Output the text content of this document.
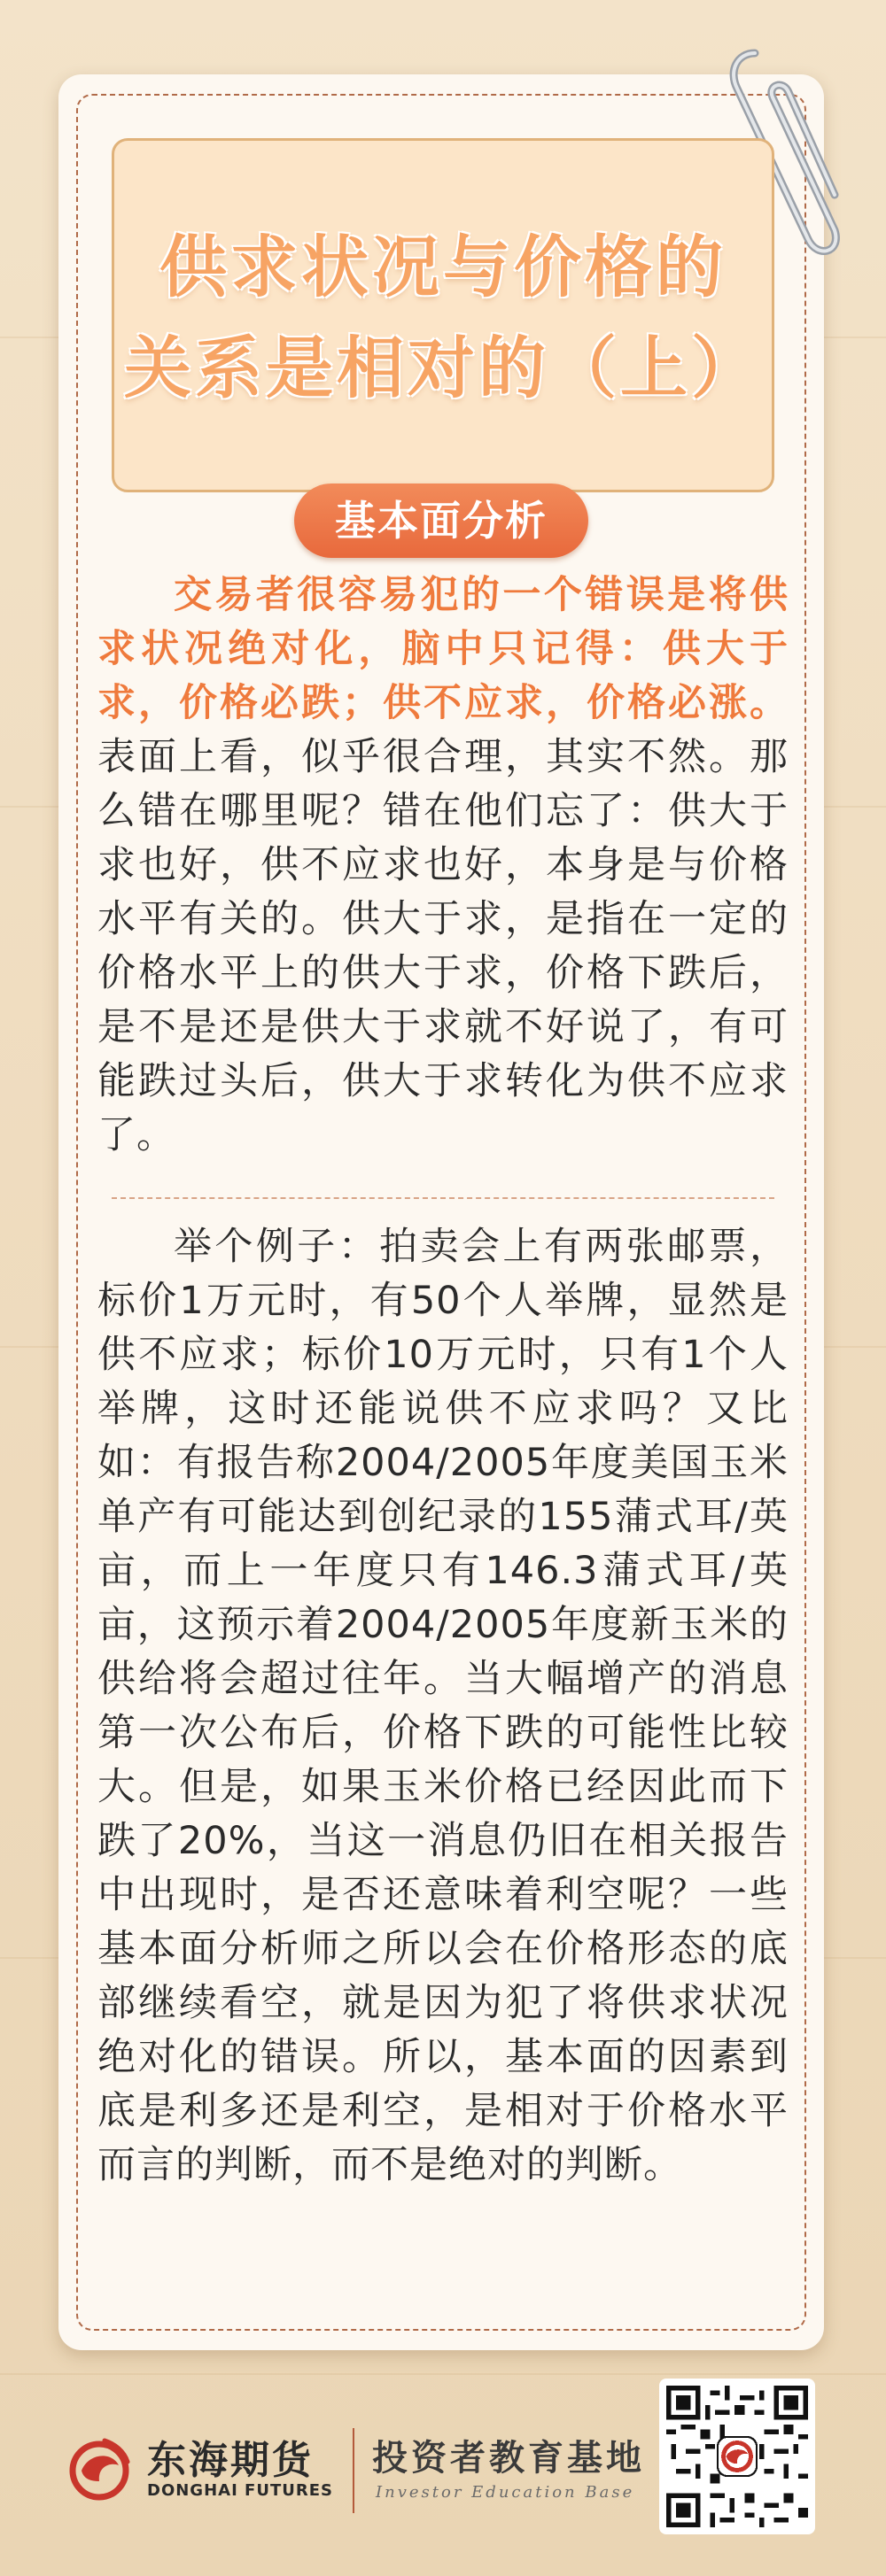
供求状况与价格的
关系是相对的（上）
基本面分析

交易者很容易犯的一个错误是将供求状况绝对化，脑中只记得：供大于求，价格必跌；供不应求，价格必涨。表面上看，似乎很合理，其实不然。那么错在哪里呢？错在他们忘了：供大于求也好，供不应求也好，本身是与价格水平有关的。供大于求，是指在一定的价格水平上的供大于求，价格下跌后，是不是还是供大于求就不好说了，有可能跌过头后，供大于求转化为供不应求了。

举个例子：拍卖会上有两张邮票，标价1万元时，有50个人举牌，显然是供不应求；标价10万元时，只有1个人举牌，这时还能说供不应求吗？又比如：有报告称2004/2005年度美国玉米单产有可能达到创纪录的155蒲式耳/英亩，而上一年度只有146.3蒲式耳/英亩，这预示着2004/2005年度新玉米的供给将会超过往年。当大幅增产的消息第一次公布后，价格下跌的可能性比较大。但是，如果玉米价格已经因此而下跌了20%，当这一消息仍旧在相关报告中出现时，是否还意味着利空呢？一些基本面分析师之所以会在价格形态的底部继续看空，就是因为犯了将供求状况绝对化的错误。所以，基本面的因素到底是利多还是利空，是相对于价格水平而言的判断，而不是绝对的判断。

东海期货
DONGHAI FUTURES
投资者教育基地
Investor Education Base
